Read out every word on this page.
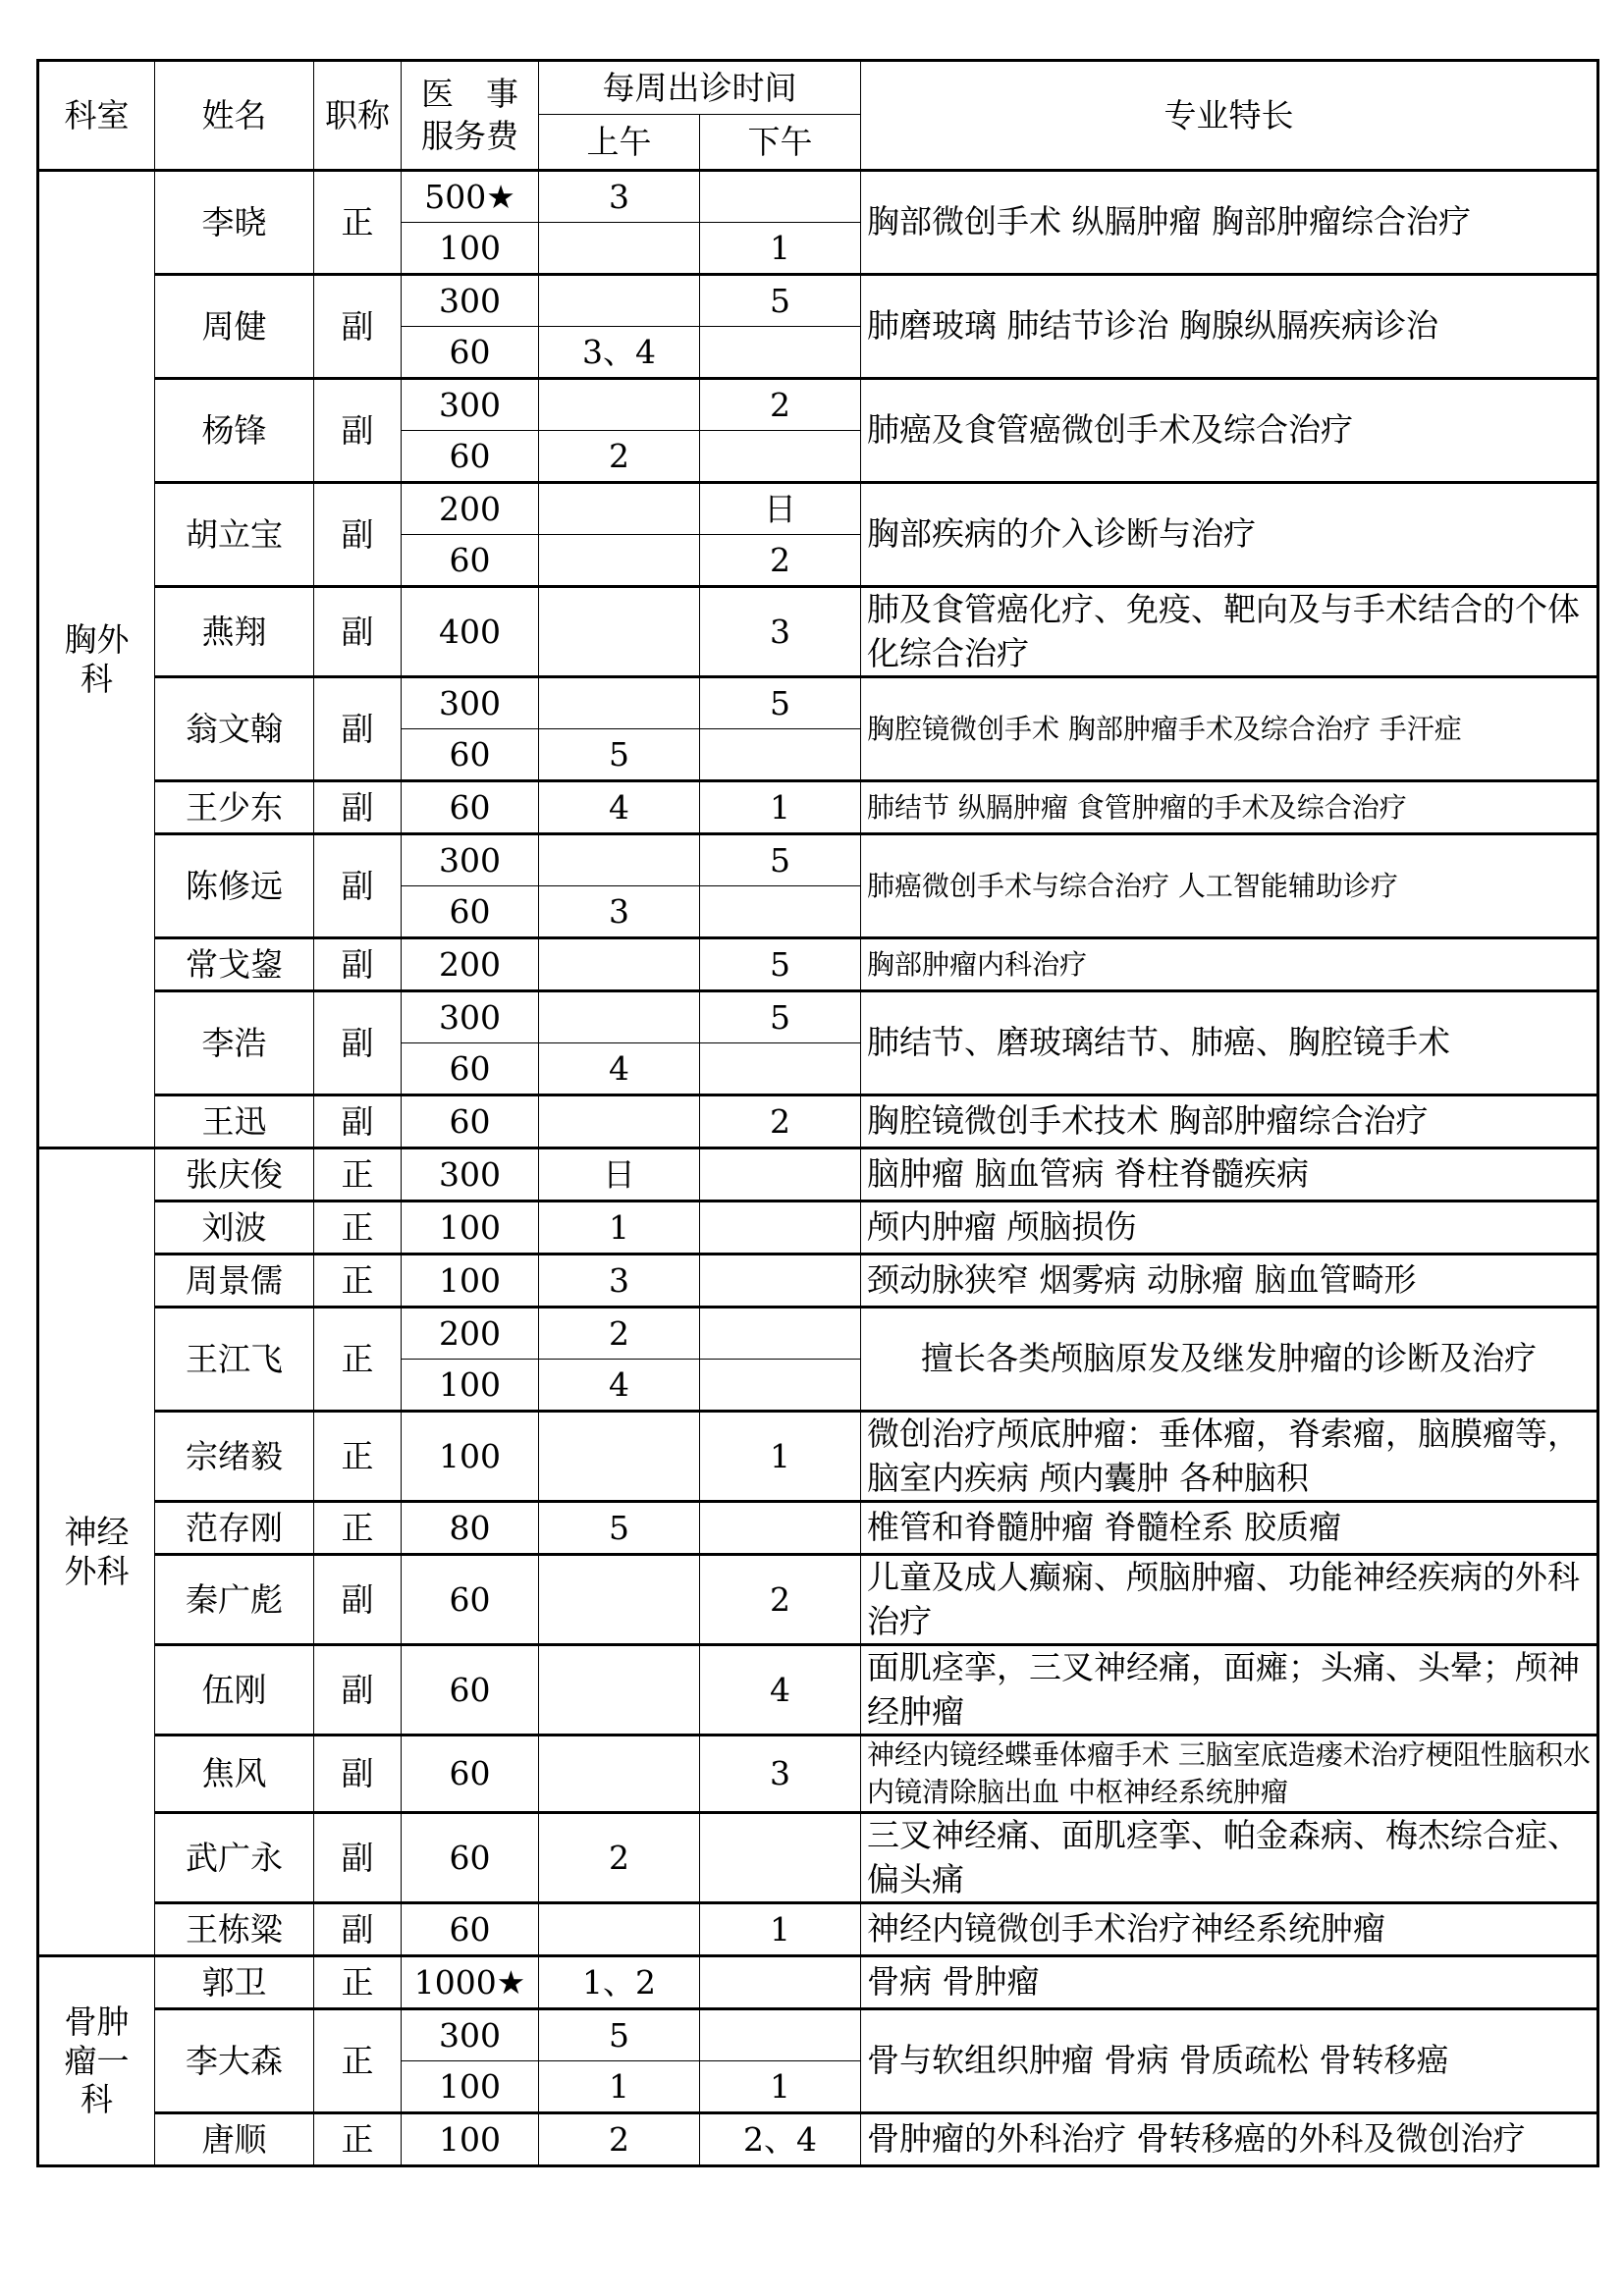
科室	姓名	职称	医　事
服务费	每周出诊时间		专业特长
				上午	下午	

胸外科	李晓	正	500★	3		胸部微创手术 纵膈肿瘤 胸部肿瘤综合治疗
			100		1	
	周健	副	300		5	肺磨玻璃 肺结节诊治 胸腺纵膈疾病诊治
			60	3、4		
	杨锋	副	300		2	肺癌及食管癌微创手术及综合治疗
			60	2		
	胡立宝	副	200		日	胸部疾病的介入诊断与治疗
			60		2	
	燕翔	副	400		3	肺及食管癌化疗、免疫、靶向及与手术结合的个体化综合治疗

	翁文翰	副	300		5	胸腔镜微创手术 胸部肿瘤手术及综合治疗 手汗症
			60	5		
	王少东	副	60	4	1	肺结节 纵膈肿瘤 食管肿瘤的手术及综合治疗
	陈修远	副	300		5	肺癌微创手术与综合治疗 人工智能辅助诊疗
			60	3		
	常戈鋆	副	200		5	胸部肿瘤内科治疗
	李浩	副	300		5	肺结节、磨玻璃结节、肺癌、胸腔镜手术
			60	4		
	王迅	副	60		2	胸腔镜微创手术技术 胸部肿瘤综合治疗

神经外科	张庆俊	正	300	日		脑肿瘤 脑血管病 脊柱脊髓疾病
	刘波	正	100	1		颅内肿瘤 颅脑损伤
	周景儒	正	100	3		颈动脉狭窄 烟雾病 动脉瘤 脑血管畸形
	王江飞	正	200	2		擅长各类颅脑原发及继发肿瘤的诊断及治疗
			100	4		
	宗绪毅	正	100		1	微创治疗颅底肿瘤：垂体瘤，脊索瘤，脑膜瘤等，脑室内疾病 颅内囊肿 各种脑积

	范存刚	正	80	5		椎管和脊髓肿瘤 脊髓栓系 胶质瘤
	秦广彪	副	60		2	儿童及成人癫痫、颅脑肿瘤、功能神经疾病的外科治疗

	伍刚	副	60		4	面肌痉挛，三叉神经痛，面瘫；头痛、头晕；颅神经肿瘤

	焦风	副	60		3	神经内镜经蝶垂体瘤手术 三脑室底造瘘术治疗梗阻性脑积水 内镜清除脑出血 中枢神经系统肿瘤

	武广永	副	60	2		三叉神经痛、面肌痉挛、帕金森病、梅杰综合症、偏头痛

	王栋粱	副	60		1	神经内镜微创手术治疗神经系统肿瘤

骨肿瘤一科	郭卫	正	1000★	1、2		骨病 骨肿瘤
	李大森	正	300	5		骨与软组织肿瘤 骨病 骨质疏松 骨转移癌
			100	1	1	
	唐顺	正	100	2	2、4	骨肿瘤的外科治疗 骨转移癌的外科及微创治疗
